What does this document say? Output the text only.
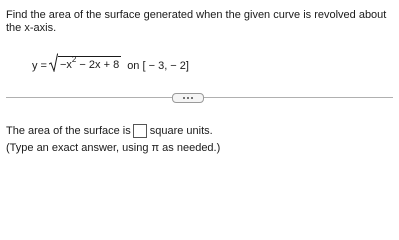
Find the area of the surface generated when the given curve is revolved about the x-axis.
$y = -x^2 - 2x + 8$ on [ − 3, − 2]
The area of the surface is square units.
(Type an exact answer, using π as needed.)
